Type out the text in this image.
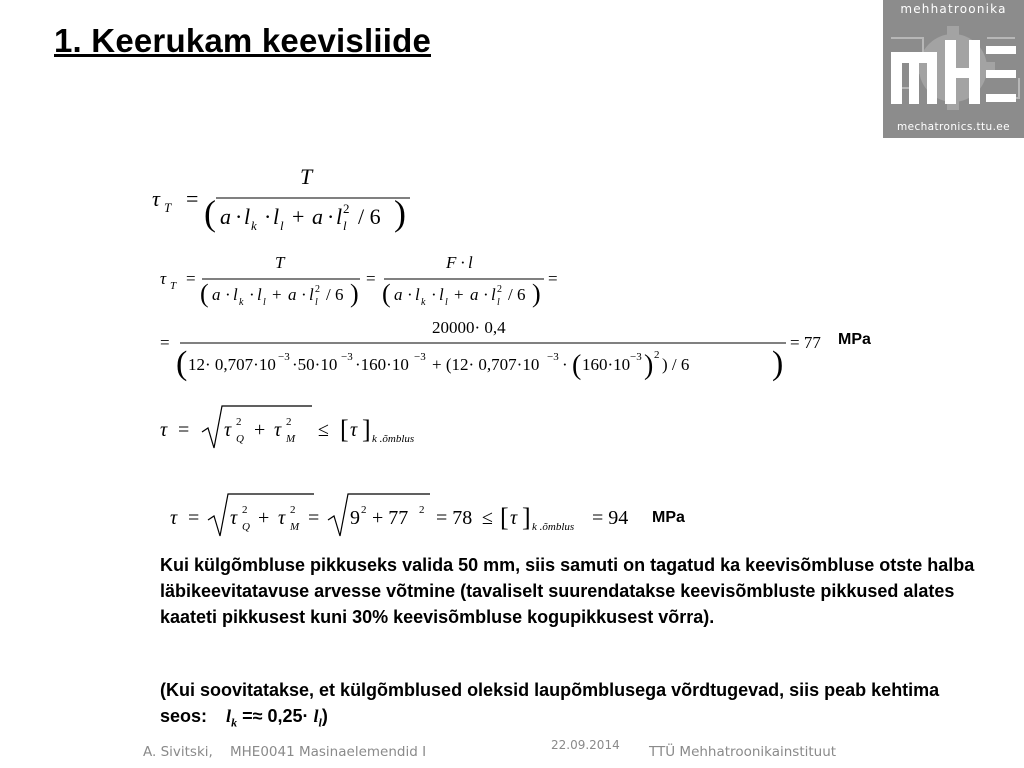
1. Keerukam keevisliide
mehhatroonika
mechatronics.ttu.ee
τ T =
T
( a · l k · l l + a · l l
2 / 6 )
τ T =
T
( a · l k · l l + a · l l
2 / 6 )
=
F · l
( a · l k · l l + a · l l
2 / 6 )
=
=
20000· 0,4
( 12· 0,707·10 −3 ·50·10 −3 ·160·10 −3 + (12· 0,707·10 −3 · ( 160·10 −3 ) 2 ) / 6 )
= 77 MPa
τ = τ Q
2 + τ M
2 ≤ [ τ ] k .õmblus
τ = τ Q
2 + τ M
2 = 9 2 + 77 2 = 78 ≤ [ τ ] k .õmblus = 94 MPa
Kui külgõmbluse pikkuseks valida 50 mm, siis samuti on tagatud ka keevisõmbluse otste halba läbikeevitatavuse arvesse võtmine (tavaliselt suurendatakse keevisõmbluste pikkused alates kaateti pikkusest kuni 30% keevisõmbluse kogupikkusest võrra).
(Kui soovitatakse, et külgõmblused oleksid laupõmblusega võrdtugevad, siis peab kehtima seos: $l_k =\approx 0,25\cdot l_l$)
A. Sivitski, MHE0041 Masinaelemendid I	22.09.2014 TTÜ Mehhatroonikainstituut
